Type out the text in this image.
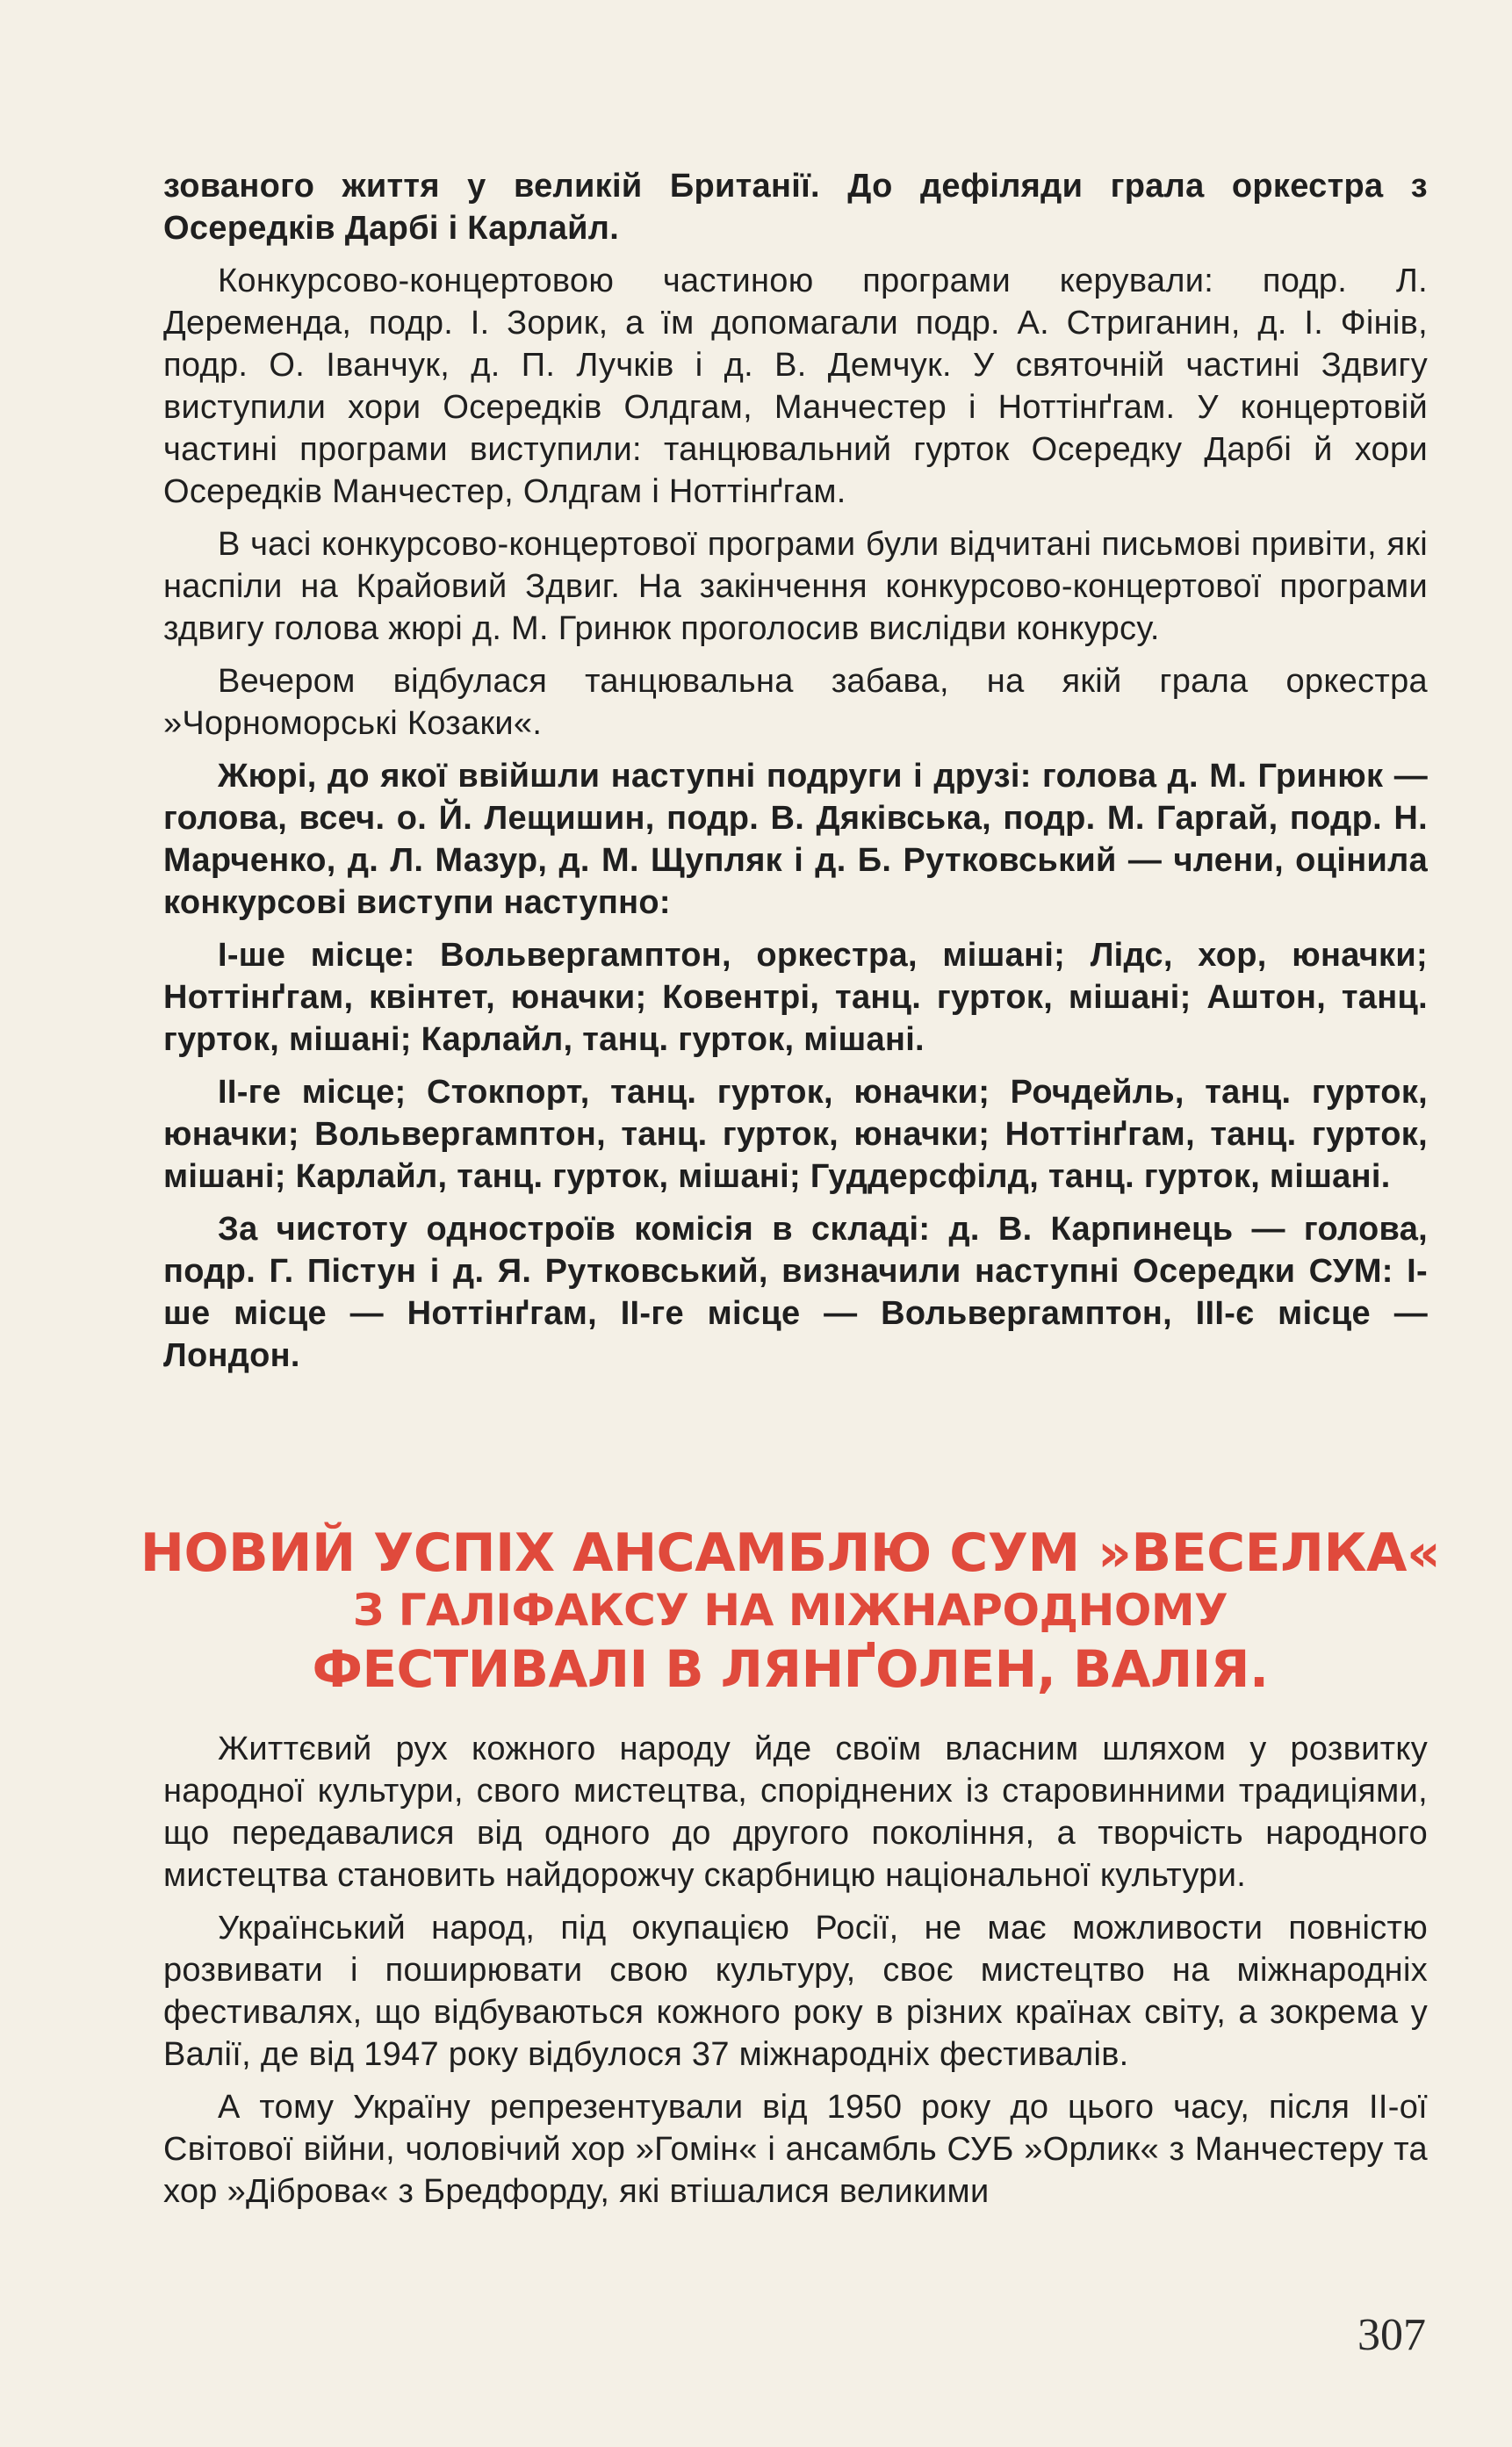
зованого життя у великій Британії. До дефіляди грала оркестра з Осередків Дарбі і Карлайл.

Конкурсово-концертовою частиною програми керували: подр. Л. Деременда, подр. І. Зорик, а їм допомагали подр. А. Стриганин, д. І. Фінів, подр. О. Іванчук, д. П. Лучків і д. В. Демчук. У святочній частині Здвигу виступили хори Осередків Олдгам, Манчестер і Ноттінґгам. У концертовій частині програми виступили: танцювальний гурток Осередку Дарбі й хори Осередків Манчестер, Олдгам і Ноттінґгам.

В часі конкурсово-концертової програми були відчитані письмові привіти, які наспіли на Крайовий Здвиг. На закінчення конкурсово-концертової програми здвигу голова жюрі д. М. Гринюк проголосив вислідви конкурсу.

Вечером відбулася танцювальна забава, на якій грала оркестра »Чорноморські Козаки«.

Жюрі, до якої ввійшли наступні подруги і друзі: голова д. М. Гринюк — голова, всеч. о. Й. Лещишин, подр. В. Дяківська, подр. М. Гаргай, подр. Н. Марченко, д. Л. Мазур, д. М. Щупляк і д. Б. Рутковський — члени, оцінила конкурсові виступи наступно:

І-ше місце: Вольвергамптон, оркестра, мішані; Лідс, хор, юначки; Ноттінґгам, квінтет, юначки; Ковентрі, танц. гурток, мішані; Аштон, танц. гурток, мішані; Карлайл, танц. гурток, мішані.

ІІ-ге місце; Стокпорт, танц. гурток, юначки; Рочдейль, танц. гурток, юначки; Вольвергамптон, танц. гурток, юначки; Ноттінґгам, танц. гурток, мішані; Карлайл, танц. гурток, мішані; Гуддерсфілд, танц. гурток, мішані.

За чистоту одностроїв комісія в складі: д. В. Карпинець — голова, подр. Г. Пістун і д. Я. Рутковський, визначили наступні Осередки СУМ: І-ше місце — Ноттінґгам, ІІ-ге місце — Вольвергамптон, ІІІ-є місце — Лондон.

НОВИЙ УСПІХ АНСАМБЛЮ СУМ »ВЕСЕЛКА«
З ГАЛІФАКСУ НА МІЖНАРОДНОМУ
ФЕСТИВАЛІ В ЛЯНҐОЛЕН, ВАЛІЯ.

Життєвий рух кожного народу йде своїм власним шляхом у розвитку народної культури, свого мистецтва, споріднених із старовинними традиціями, що передавалися від одного до другого покоління, а творчість народного мистецтва становить найдорожчу скарбницю національної культури.

Український народ, під окупацією Росії, не має можливости повністю розвивати і поширювати свою культуру, своє мистецтво на міжнародніх фестивалях, що відбуваються кожного року в різних країнах світу, а зокрема у Валії, де від 1947 року відбулося 37 міжнародніх фестивалів.

А тому Україну репрезентували від 1950 року до цього часу, після ІІ-ої Світової війни, чоловічий хор »Гомін« і ансамбль СУБ »Орлик« з Манчестеру та хор »Діброва« з Бредфорду, які втішалися великими

307
